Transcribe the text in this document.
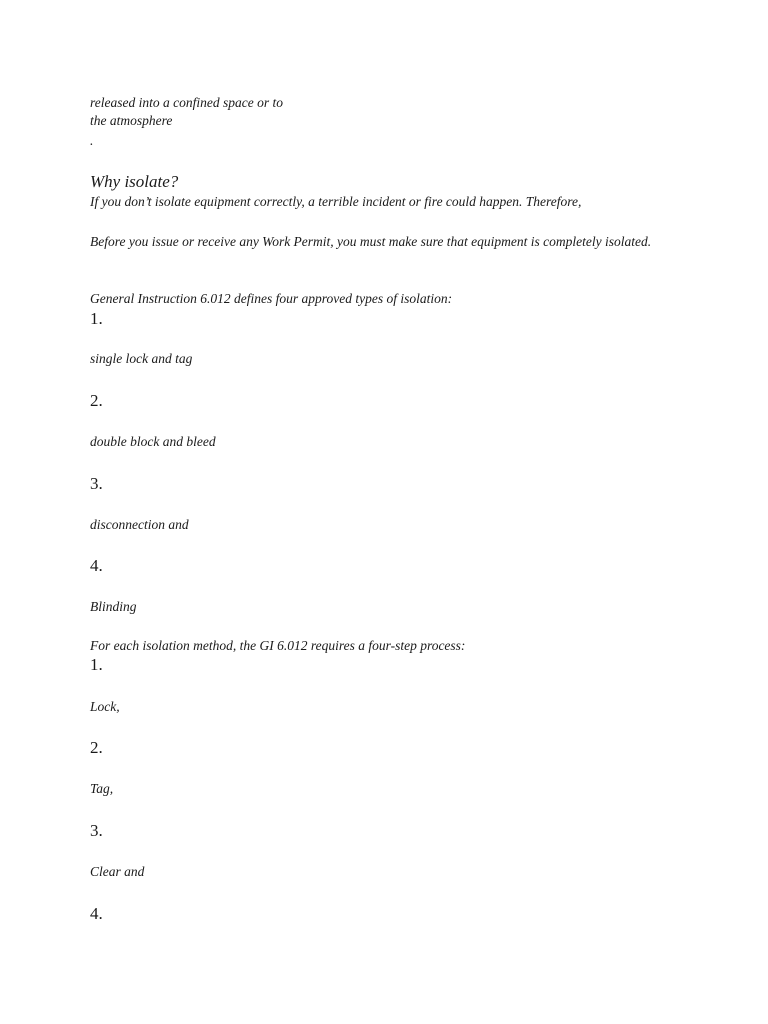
released into a confined space or to
the atmosphere
.
Why isolate?
If you don’t isolate equipment correctly, a terrible incident or fire could happen. Therefore,
Before you issue or receive any Work Permit, you must make sure that equipment is completely isolated.
General Instruction 6.012 defines four approved types of isolation:
1.
single lock and tag
2.
double block and bleed
3.
disconnection and
4.
Blinding
For each isolation method, the GI 6.012 requires a four-step process:
1.
Lock,
2.
Tag,
3.
Clear and
4.
